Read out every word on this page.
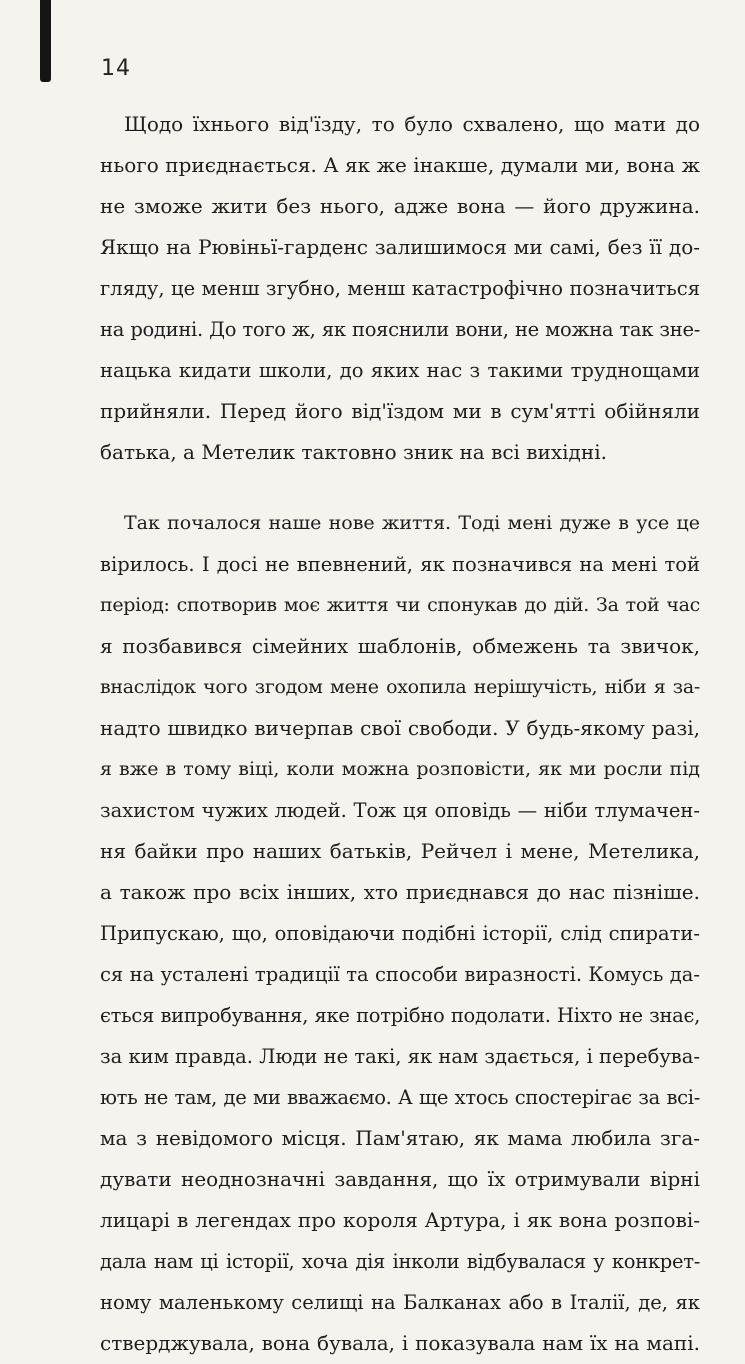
14

Щодо їхнього від'їзду, то було схвалено, що мати до
нього приєднається. А як же інакше, думали ми, вона ж
не зможе жити без нього, адже вона — його дружина.
Якщо на Рювіньї-гарденс залишимося ми самі, без її до-
гляду, це менш згубно, менш катастрофічно позначиться
на родині. До того ж, як пояснили вони, не можна так зне-
нацька кидати школи, до яких нас з такими труднощами
прийняли. Перед його від'їздом ми в сум'ятті обійняли
батька, а Метелик тактовно зник на всі вихідні.

Так почалося наше нове життя. Тоді мені дуже в усе це
вірилось. І досі не впевнений, як позначився на мені той
період: спотворив моє життя чи спонукав до дій. За той час
я позбавився сімейних шаблонів, обмежень та звичок,
внаслідок чого згодом мене охопила нерішучість, ніби я за-
надто швидко вичерпав свої свободи. У будь-якому разі,
я вже в тому віці, коли можна розповісти, як ми росли під
захистом чужих людей. Тож ця оповідь — ніби тлумачен-
ня байки про наших батьків, Рейчел і мене, Метелика,
а також про всіх інших, хто приєднався до нас пізніше.
Припускаю, що, оповідаючи подібні історії, слід спирати-
ся на усталені традиції та способи виразності. Комусь да-
ється випробування, яке потрібно подолати. Ніхто не знає,
за ким правда. Люди не такі, як нам здається, і перебува-
ють не там, де ми вважаємо. А ще хтось спостерігає за всі-
ма з невідомого місця. Пам'ятаю, як мама любила зга-
дувати неоднозначні завдання, що їх отримували вірні
лицарі в легендах про короля Артура, і як вона розпові-
дала нам ці історії, хоча дія інколи відбувалася у конкрет-
ному маленькому селищі на Балканах або в Італії, де, як
стверджувала, вона бувала, і показувала нам їх на мапі.
